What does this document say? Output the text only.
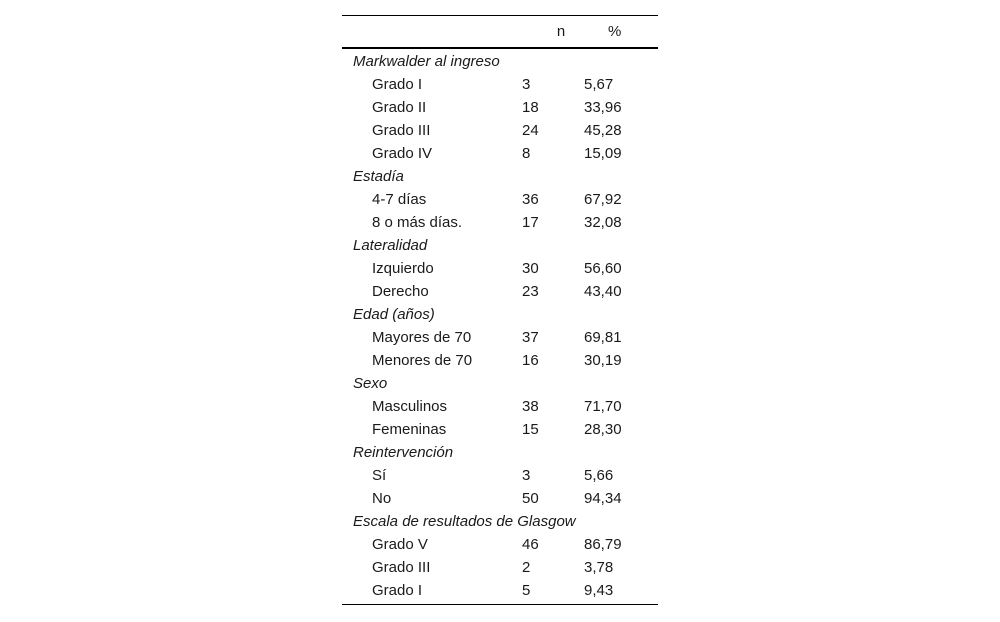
	n	%
Markwalder al ingreso		
Grado I	3	5,67
Grado II	18	33,96
Grado III	24	45,28
Grado IV	8	15,09
Estadía		
4-7 días	36	67,92
8 o más días.	17	32,08
Lateralidad		
Izquierdo	30	56,60
Derecho	23	43,40
Edad (años)		
Mayores de 70	37	69,81
Menores de 70	16	30,19
Sexo		
Masculinos	38	71,70
Femeninas	15	28,30
Reintervención		
Sí	3	5,66
No	50	94,34
Escala de resultados de Glasgow		
Grado V	46	86,79
Grado III	2	3,78
Grado I	5	9,43
